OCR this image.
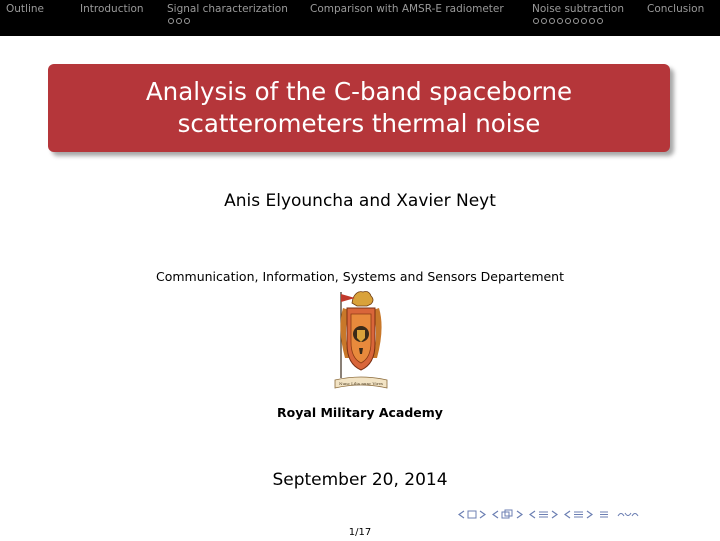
Outline	Introduction Signal characterization Comparison with AMSR-E radiometer	Noise subtraction Conclusion
Analysis of the C-band spaceborne scatterometers thermal noise
Anis Elyouncha and Xavier Neyt
Communication, Information, Systems and Sensors Departement
Nunc Lilia nunc Vires
Royal Military Academy
September 20, 2014
1/17
